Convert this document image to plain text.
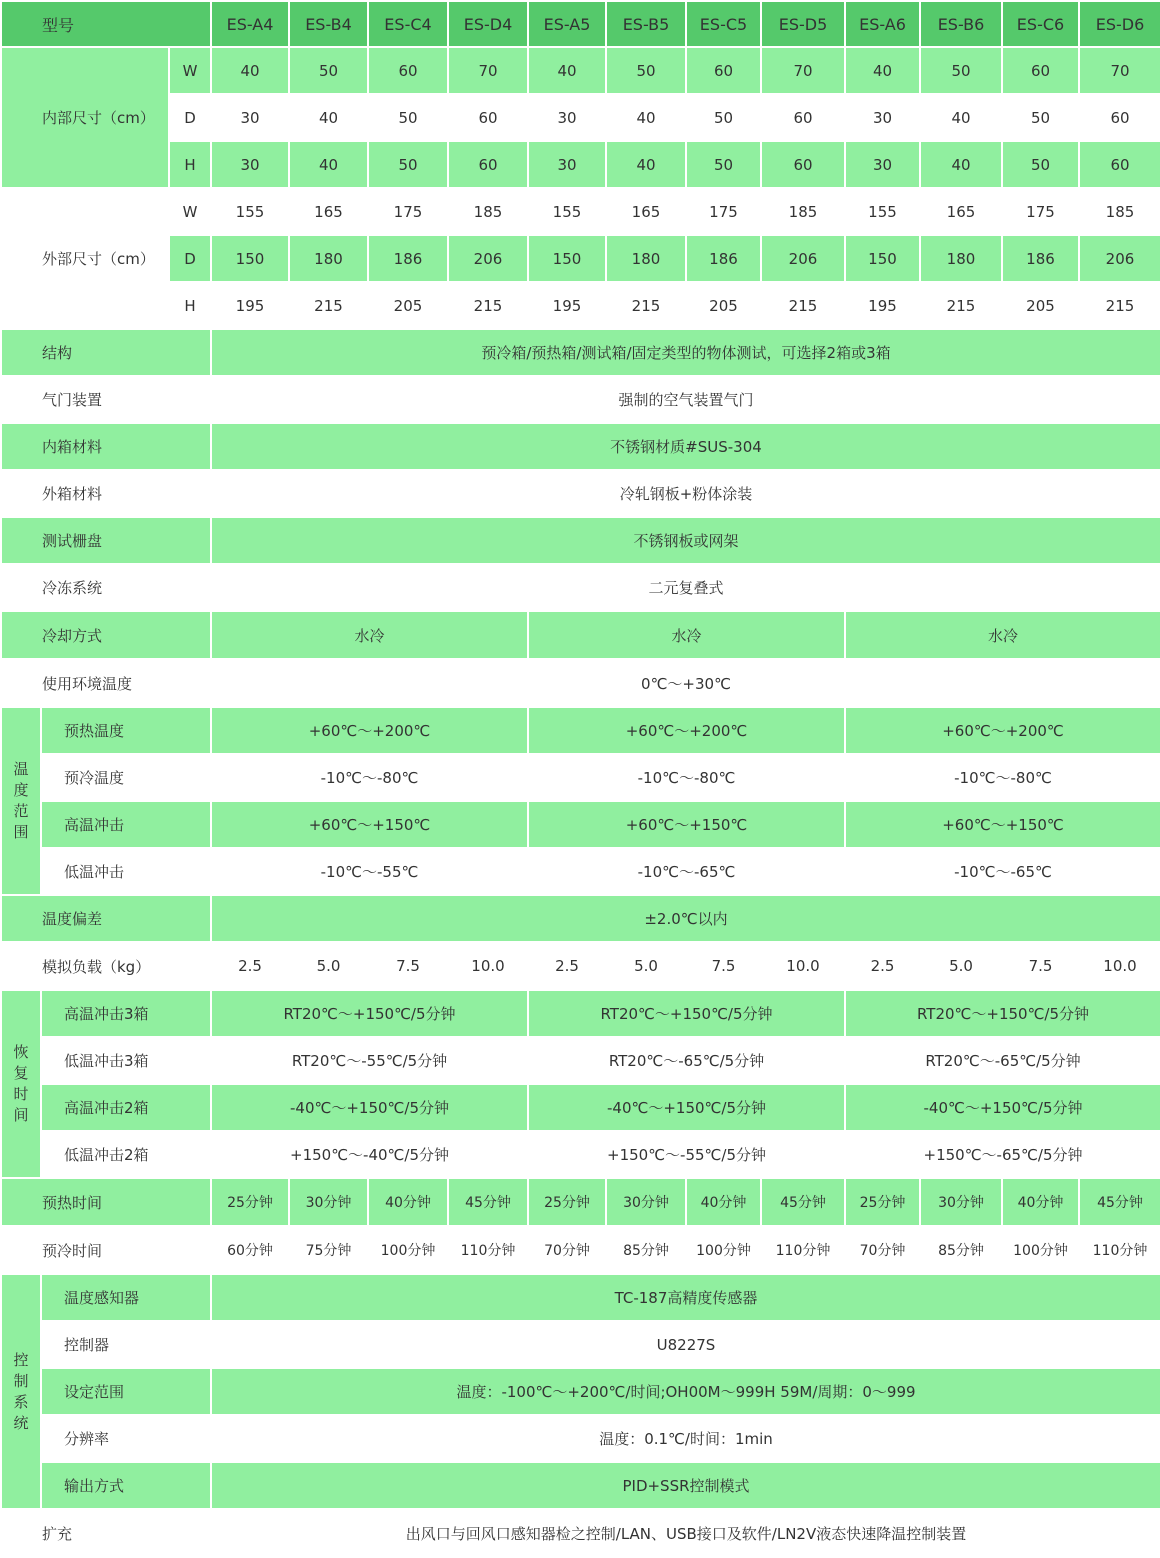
型号			ES-A4	ES-B4	ES-C4	ES-D4	ES-A5	ES-B5	ES-C5	ES-D5	ES-A6	ES-B6	ES-C6	ES-D6
内部尺寸（cm）		W	40	50	60	70	40	50	60	70	40	50	60	70
		D	30	40	50	60	30	40	50	60	30	40	50	60
		H	30	40	50	60	30	40	50	60	30	40	50	60
外部尺寸（cm）		W	155	165	175	185	155	165	175	185	155	165	175	185
		D	150	180	186	206	150	180	186	206	150	180	186	206
		H	195	215	205	215	195	215	205	215	195	215	205	215
结构			预冷箱/预热箱/测试箱/固定类型的物体测试，可选择2箱或3箱											
气门装置			强制的空气装置气门											
内箱材料			不锈钢材质#SUS-304											
外箱材料			冷轧钢板+粉体涂装											
测试栅盘			不锈钢板或网架											
冷冻系统			二元复叠式											
冷却方式			水冷				水冷				水冷			
使用环境温度			0℃～+30℃											

温度范围	预热温度		+60℃～+200℃				+60℃～+200℃				+60℃～+200℃			
	预冷温度		-10℃～-80℃				-10℃～-80℃				-10℃～-80℃			
	高温冲击		+60℃～+150℃				+60℃～+150℃				+60℃～+150℃			
	低温冲击		-10℃～-55℃				-10℃～-65℃				-10℃～-65℃			
温度偏差			±2.0℃以内											
模拟负载（kg）			2.5	5.0	7.5	10.0	2.5	5.0	7.5	10.0	2.5	5.0	7.5	10.0

恢复时间	高温冲击3箱		RT20℃～+150℃/5分钟				RT20℃～+150℃/5分钟				RT20℃～+150℃/5分钟			
	低温冲击3箱		RT20℃～-55℃/5分钟				RT20℃～-65℃/5分钟				RT20℃～-65℃/5分钟			
	高温冲击2箱		-40℃～+150℃/5分钟				-40℃～+150℃/5分钟				-40℃～+150℃/5分钟			
	低温冲击2箱		+150℃～-40℃/5分钟				+150℃～-55℃/5分钟				+150℃～-65℃/5分钟			
预热时间			25分钟	30分钟	40分钟	45分钟	25分钟	30分钟	40分钟	45分钟	25分钟	30分钟	40分钟	45分钟
预冷时间			60分钟	75分钟	100分钟	110分钟	70分钟	85分钟	100分钟	110分钟	70分钟	85分钟	100分钟	110分钟

控制系统	温度感知器		TC-187高精度传感器											
	控制器		U8227S											
	设定范围		温度：-100℃～+200℃/时间;OH00M～999H 59M/周期：0～999											
	分辨率		温度：0.1℃/时间：1min											
	输出方式		PID+SSR控制模式											
扩充			出风口与回风口感知器检之控制/LAN、USB接口及软件/LN2V液态快速降温控制装置											
